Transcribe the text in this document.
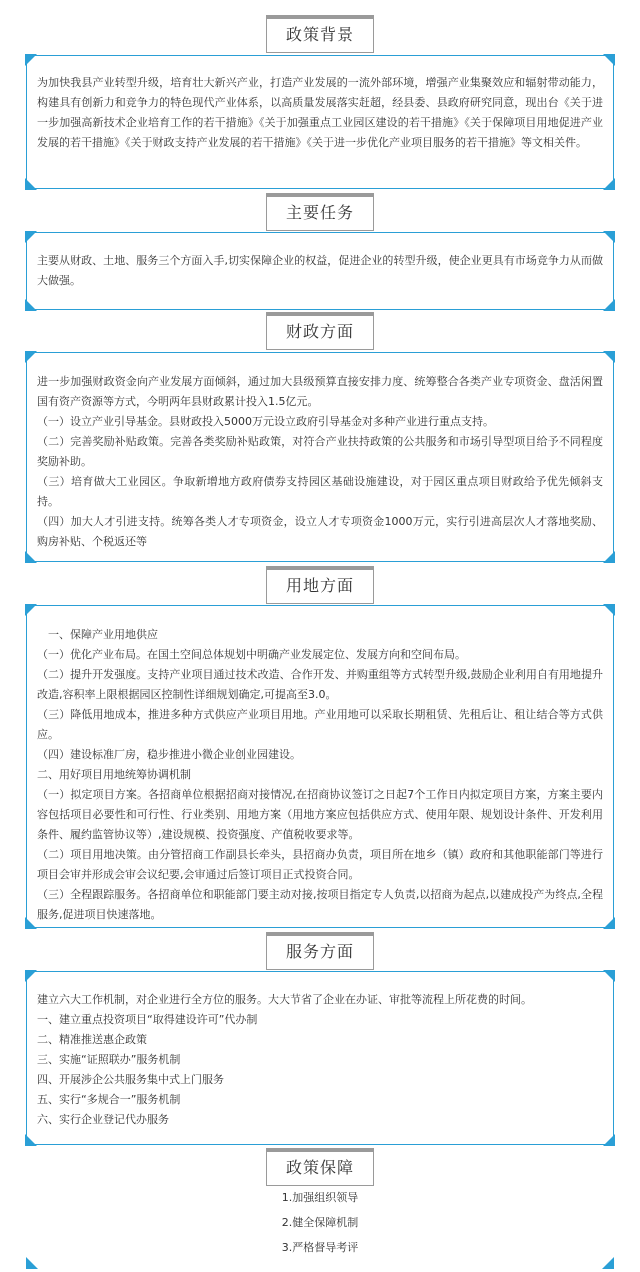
政策背景

为加快我县产业转型升级，培育壮大新兴产业，打造产业发展的一流外部环境，增强产业集聚效应和辐射带动能力，构建具有创新力和竞争力的特色现代产业体系，以高质量发展落实赶超，经县委、县政府研究同意，现出台《关于进一步加强高新技术企业培育工作的若干措施》《关于加强重点工业园区建设的若干措施》《关于保障项目用地促进产业发展的若干措施》《关于财政支持产业发展的若干措施》《关于进一步优化产业项目服务的若干措施》等文相关件。

主要任务

主要从财政、土地、服务三个方面入手,切实保障企业的权益，促进企业的转型升级，使企业更具有市场竞争力从而做大做强。

财政方面

进一步加强财政资金向产业发展方面倾斜，通过加大县级预算直接安排力度、统筹整合各类产业专项资金、盘活闲置国有资产资源等方式，今明两年县财政累计投入1.5亿元。

（一）设立产业引导基金。县财政投入5000万元设立政府引导基金对多种产业进行重点支持。

（二）完善奖励补贴政策。完善各类奖励补贴政策，对符合产业扶持政策的公共服务和市场引导型项目给予不同程度奖励补助。

（三）培育做大工业园区。争取新增地方政府债券支持园区基础设施建设，对于园区重点项目财政给予优先倾斜支持。

（四）加大人才引进支持。统筹各类人才专项资金，设立人才专项资金1000万元，实行引进高层次人才落地奖励、购房补贴、个税返还等

用地方面

　一、保障产业用地供应

（一）优化产业布局。在国土空间总体规划中明确产业发展定位、发展方向和空间布局。

（二）提升开发强度。支持产业项目通过技术改造、合作开发、并购重组等方式转型升级,鼓励企业利用自有用地提升改造,容积率上限根据园区控制性详细规划确定,可提高至3.0。

（三）降低用地成本，推进多种方式供应产业项目用地。产业用地可以采取长期租赁、先租后让、租让结合等方式供应。

（四）建设标准厂房，稳步推进小微企业创业园建设。

二、用好项目用地统筹协调机制

（一）拟定项目方案。各招商单位根据招商对接情况,在招商协议签订之日起7个工作日内拟定项目方案，方案主要内容包括项目必要性和可行性、行业类别、用地方案（用地方案应包括供应方式、使用年限、规划设计条件、开发利用条件、履约监管协议等）,建设规模、投资强度、产值税收要求等。

（二）项目用地决策。由分管招商工作副县长牵头，县招商办负责，项目所在地乡（镇）政府和其他职能部门等进行项目会审并形成会审会议纪要,会审通过后签订项目正式投资合同。

（三）全程跟踪服务。各招商单位和职能部门要主动对接,按项目指定专人负责,以招商为起点,以建成投产为终点,全程服务,促进项目快速落地。

服务方面

建立六大工作机制，对企业进行全方位的服务。大大节省了企业在办证、审批等流程上所花费的时间。

一、建立重点投资项目“取得建设许可”代办制

二、精准推送惠企政策

三、实施“证照联办”服务机制

四、开展涉企公共服务集中式上门服务

五、实行“多规合一”服务机制

六、实行企业登记代办服务

政策保障
1.加强组织领导
2.健全保障机制
3.严格督导考评
